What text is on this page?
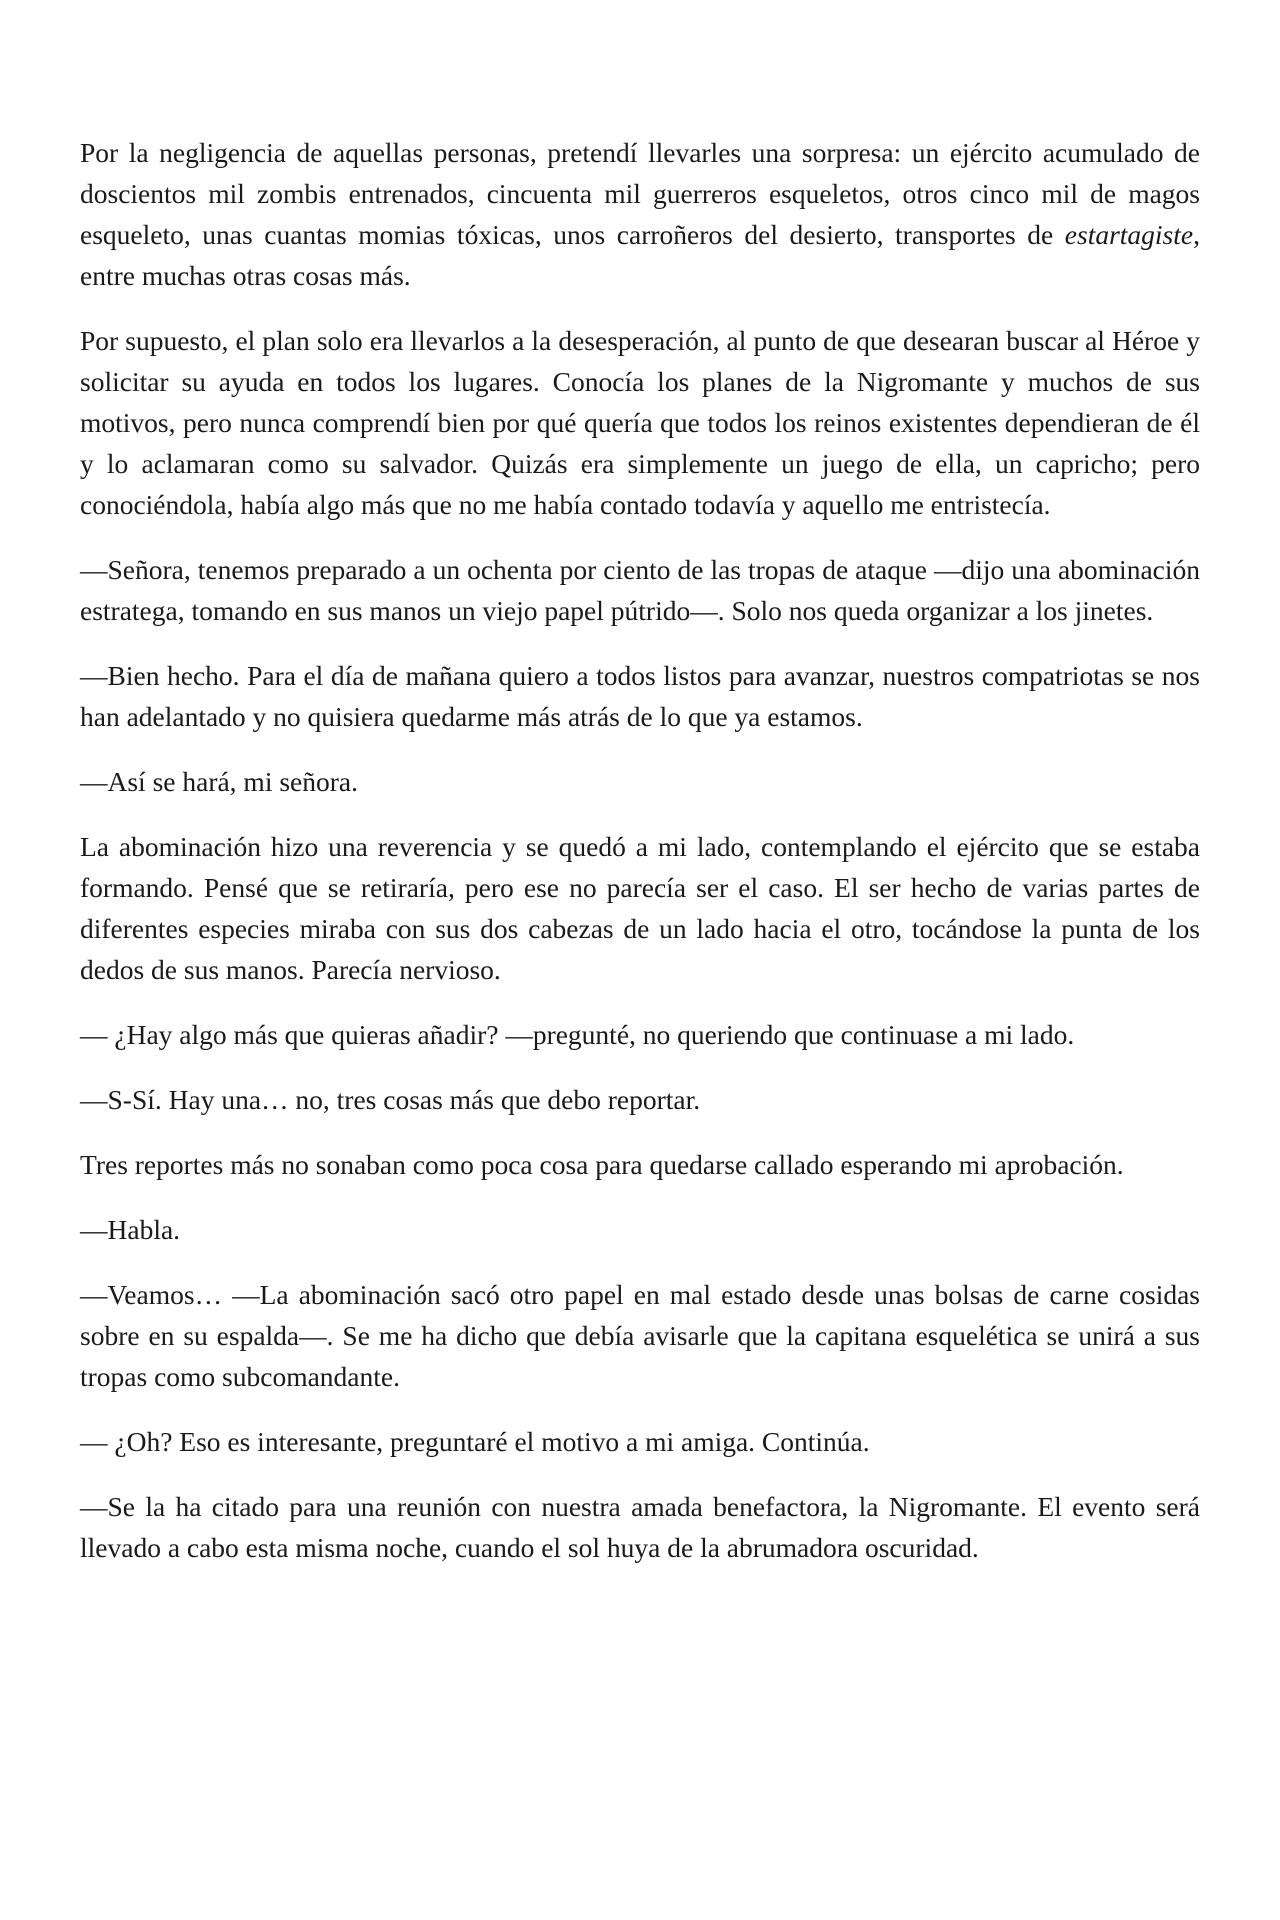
Por la negligencia de aquellas personas, pretendí llevarles una sorpresa: un ejército acumulado de doscientos mil zombis entrenados, cincuenta mil guerreros esqueletos, otros cinco mil de magos esqueleto, unas cuantas momias tóxicas, unos carroñeros del desierto, transportes de estartagiste, entre muchas otras cosas más.

Por supuesto, el plan solo era llevarlos a la desesperación, al punto de que desearan buscar al Héroe y solicitar su ayuda en todos los lugares. Conocía los planes de la Nigromante y muchos de sus motivos, pero nunca comprendí bien por qué quería que todos los reinos existentes dependieran de él y lo aclamaran como su salvador. Quizás era simplemente un juego de ella, un capricho; pero conociéndola, había algo más que no me había contado todavía y aquello me entristecía.

—Señora, tenemos preparado a un ochenta por ciento de las tropas de ataque —dijo una abominación estratega, tomando en sus manos un viejo papel pútrido—. Solo nos queda organizar a los jinetes.

—Bien hecho. Para el día de mañana quiero a todos listos para avanzar, nuestros compatriotas se nos han adelantado y no quisiera quedarme más atrás de lo que ya estamos.

—Así se hará, mi señora.

La abominación hizo una reverencia y se quedó a mi lado, contemplando el ejército que se estaba formando. Pensé que se retiraría, pero ese no parecía ser el caso. El ser hecho de varias partes de diferentes especies miraba con sus dos cabezas de un lado hacia el otro, tocándose la punta de los dedos de sus manos. Parecía nervioso.

— ¿Hay algo más que quieras añadir? —pregunté, no queriendo que continuase a mi lado.

—S-Sí. Hay una… no, tres cosas más que debo reportar.

Tres reportes más no sonaban como poca cosa para quedarse callado esperando mi aprobación.

—Habla.

—Veamos… —La abominación sacó otro papel en mal estado desde unas bolsas de carne cosidas sobre en su espalda—. Se me ha dicho que debía avisarle que la capitana esquelética se unirá a sus tropas como subcomandante.

— ¿Oh? Eso es interesante, preguntaré el motivo a mi amiga. Continúa.

—Se la ha citado para una reunión con nuestra amada benefactora, la Nigromante. El evento será llevado a cabo esta misma noche, cuando el sol huya de la abrumadora oscuridad.
